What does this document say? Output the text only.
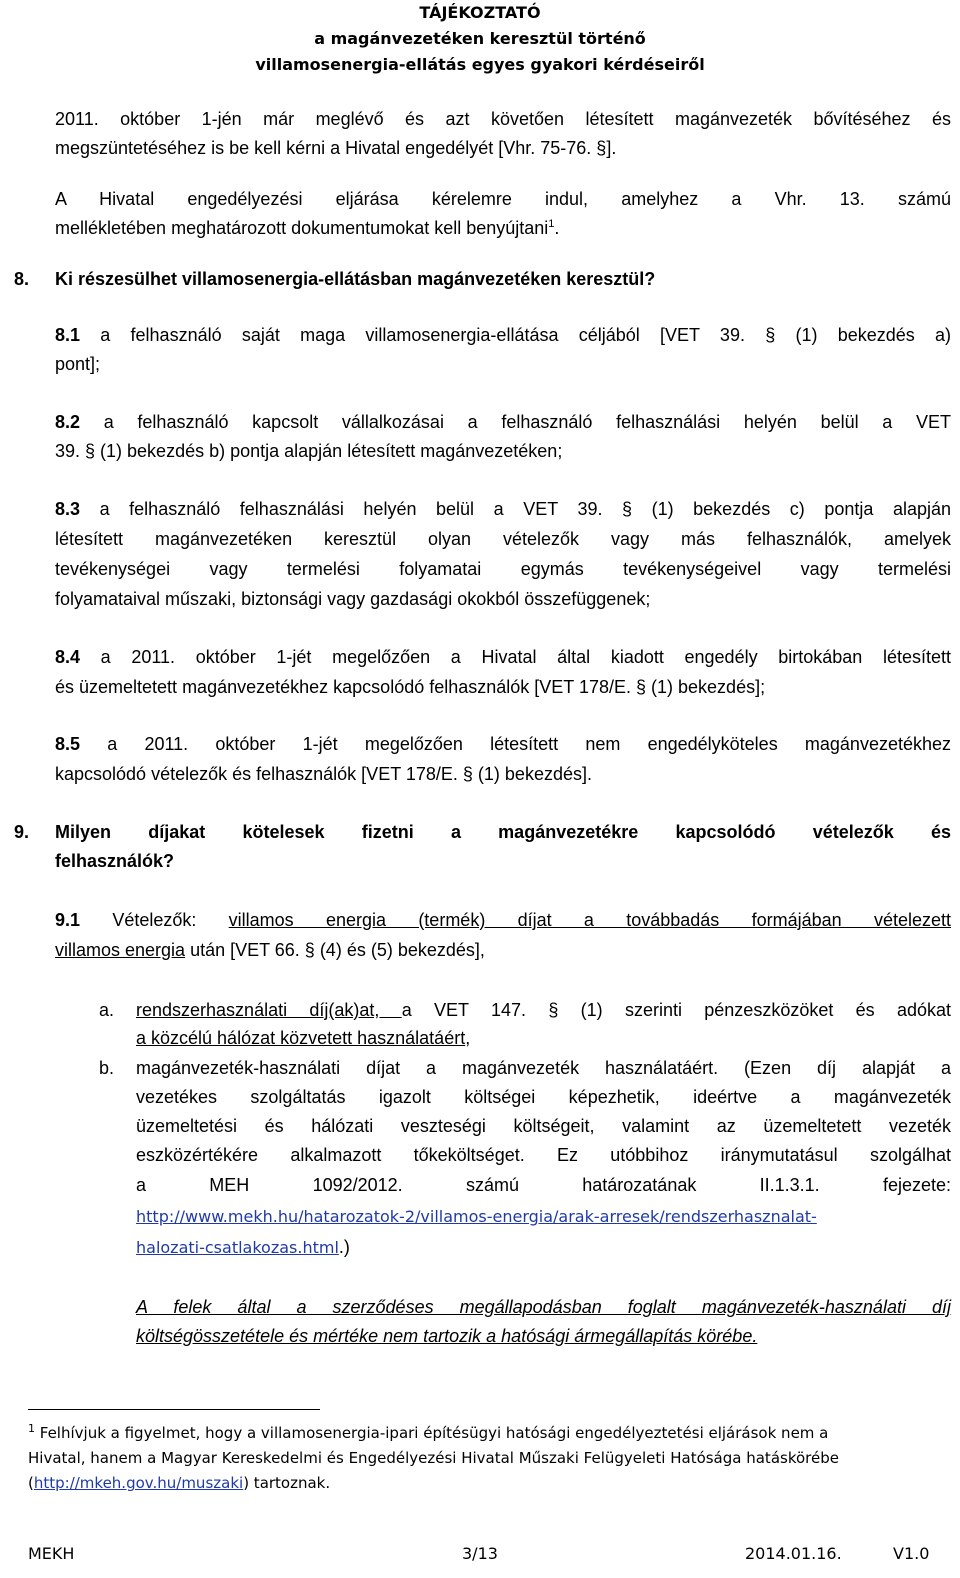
TÁJÉKOZTATÓ
a magánvezetéken keresztül történő
villamosenergia-ellátás egyes gyakori kérdéseiről
2011. október 1-jén már meglévő és azt követően létesített magánvezeték bővítéséhez és
megszüntetéséhez is be kell kérni a Hivatal engedélyét [Vhr. 75-76. §].
A Hivatal engedélyezési eljárása kérelemre indul, amelyhez a Vhr. 13. számú
mellékletében meghatározott dokumentumokat kell benyújtani$^1$.
8. Ki részesülhet villamosenergia-ellátásban magánvezetéken keresztül?
8.1 a felhasználó saját maga villamosenergia-ellátása céljából [VET 39. § (1) bekezdés a)
pont];
8.2 a felhasználó kapcsolt vállalkozásai a felhasználó felhasználási helyén belül a VET
39. § (1) bekezdés b) pontja alapján létesített magánvezetéken;
8.3 a felhasználó felhasználási helyén belül a VET 39. § (1) bekezdés c) pontja alapján
létesített magánvezetéken keresztül olyan vételezők vagy más felhasználók, amelyek
tevékenységei vagy termelési folyamatai egymás tevékenységeivel vagy termelési
folyamataival műszaki, biztonsági vagy gazdasági okokból összefüggenek;
8.4 a 2011. október 1-jét megelőzően a Hivatal által kiadott engedély birtokában létesített
és üzemeltetett magánvezetékhez kapcsolódó felhasználók [VET 178/E. § (1) bekezdés];
8.5 a 2011. október 1-jét megelőzően létesített nem engedélyköteles magánvezetékhez
kapcsolódó vételezők és felhasználók [VET 178/E. § (1) bekezdés].
9. Milyen díjakat kötelesek fizetni a magánvezetékre kapcsolódó vételezők és
felhasználók?
9.1 Vételezők: villamos energia (termék) díjat a továbbadás formájában vételezett
villamos energia után [VET 66. § (4) és (5) bekezdés],
a. rendszerhasználati díj(ak)at, a VET 147. § (1) szerinti pénzeszközöket és adókat
a közcélú hálózat közvetett használatáért,
b. magánvezeték-használati díjat a magánvezeték használatáért. (Ezen díj alapját a
vezetékes szolgáltatás igazolt költségei képezhetik, ideértve a magánvezeték
üzemeltetési és hálózati veszteségi költségeit, valamint az üzemeltetett vezeték
eszközértékére alkalmazott tőkeköltséget. Ez utóbbihoz iránymutatásul szolgálhat
a MEH 1092/2012. számú határozatának II.1.3.1. fejezete:
http://www.mekh.hu/hatarozatok-2/villamos-energia/arak-arresek/rendszerhasznalat-
halozati-csatlakozas.html.)
A felek által a szerződéses megállapodásban foglalt magánvezeték-használati díj
költségösszetétele és mértéke nem tartozik a hatósági ármegállapítás körébe.
$^1$ Felhívjuk a figyelmet, hogy a villamosenergia-ipari építésügyi hatósági engedélyeztetési eljárások nem a
Hivatal, hanem a Magyar Kereskedelmi és Engedélyezési Hivatal Műszaki Felügyeleti Hatósága hatáskörébe
(http://mkeh.gov.hu/muszaki) tartoznak.
MEKH	3/13	2014.01.16.	V1.0
